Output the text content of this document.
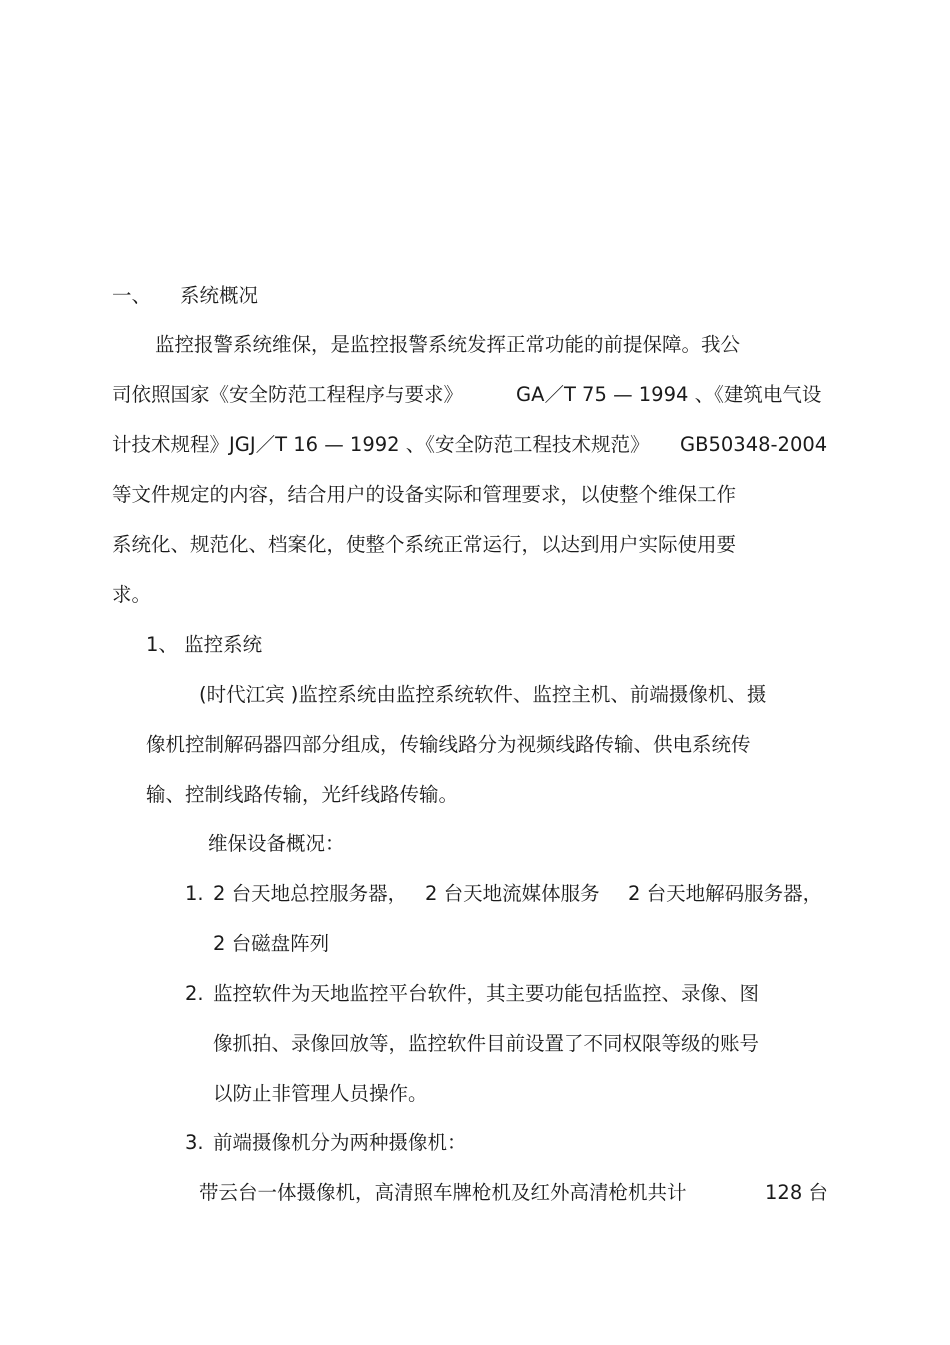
一、 系统概况
监控报警系统维保，是监控报警系统发挥正常功能的前提保障。我公
司依照国家《安全防范工程程序与要求》	GA／T 75 — 1994 、《建筑电气设
计技术规程》JGJ／T 16 — 1992 、《安全防范工程技术规范》 GB50348-2004
等文件规定的内容，结合用户的设备实际和管理要求，以使整个维保工作
系统化、规范化、档案化，使整个系统正常运行，以达到用户实际使用要
求。
1、 监控系统
(时代江宾 )监控系统由监控系统软件、监控主机、前端摄像机、摄
像机控制解码器四部分组成，传输线路分为视频线路传输、供电系统传
输、控制线路传输，光纤线路传输。
维保设备概况：
1. 2 台天地总控服务器， 2 台天地流媒体服务 2 台天地解码服务器，
2 台磁盘阵列
2. 监控软件为天地监控平台软件，其主要功能包括监控、录像、图
像抓拍、录像回放等，监控软件目前设置了不同权限等级的账号
以防止非管理人员操作。
3. 前端摄像机分为两种摄像机：
带云台一体摄像机，高清照车牌枪机及红外高清枪机共计	128 台
